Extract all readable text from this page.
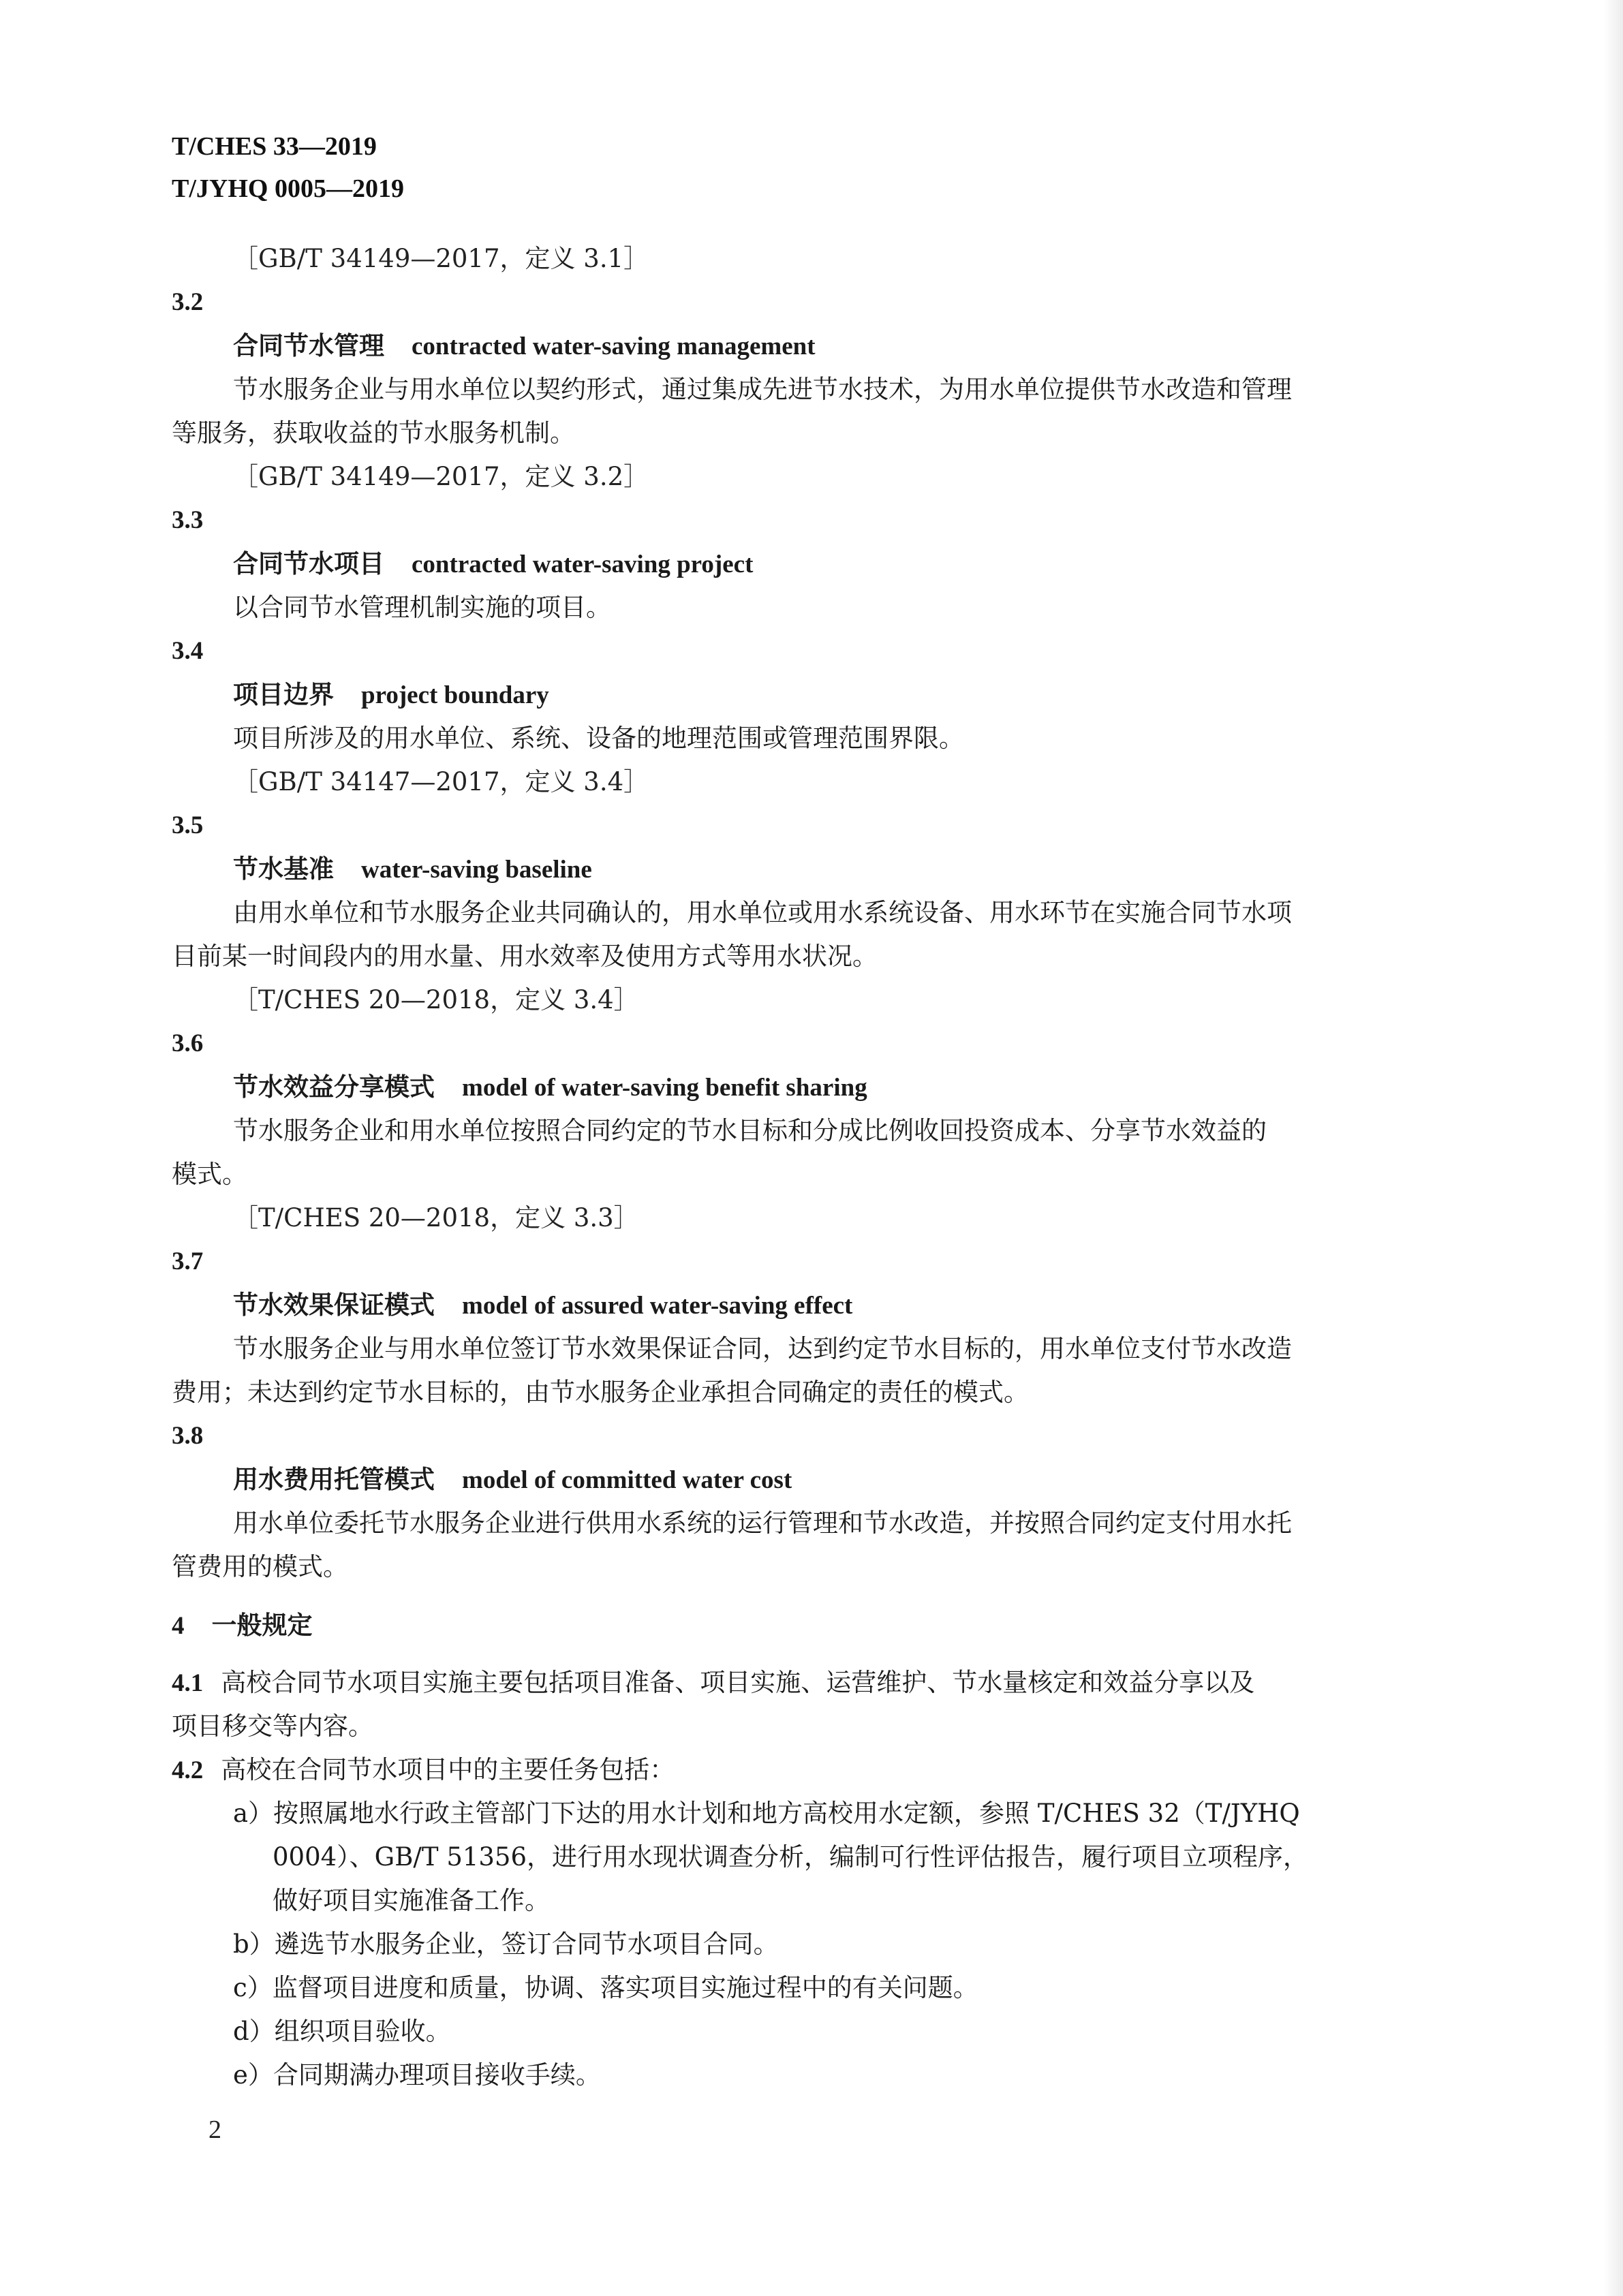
T/CHES 33—2019
T/JYHQ 0005—2019
［GB/T 34149—2017，定义 3.1］
3.2
合同节水管理 contracted water-saving management
节水服务企业与用水单位以契约形式，通过集成先进节水技术，为用水单位提供节水改造和管理
等服务，获取收益的节水服务机制。
［GB/T 34149—2017，定义 3.2］
3.3
合同节水项目 contracted water-saving project
以合同节水管理机制实施的项目。
3.4
项目边界 project boundary
项目所涉及的用水单位、系统、设备的地理范围或管理范围界限。
［GB/T 34147—2017，定义 3.4］
3.5
节水基准 water-saving baseline
由用水单位和节水服务企业共同确认的，用水单位或用水系统设备、用水环节在实施合同节水项
目前某一时间段内的用水量、用水效率及使用方式等用水状况。
［T/CHES 20—2018，定义 3.4］
3.6
节水效益分享模式 model of water-saving benefit sharing
节水服务企业和用水单位按照合同约定的节水目标和分成比例收回投资成本、分享节水效益的
模式。
［T/CHES 20—2018，定义 3.3］
3.7
节水效果保证模式 model of assured water-saving effect
节水服务企业与用水单位签订节水效果保证合同，达到约定节水目标的，用水单位支付节水改造
费用；未达到约定节水目标的，由节水服务企业承担合同确定的责任的模式。
3.8
用水费用托管模式 model of committed water cost
用水单位委托节水服务企业进行供用水系统的运行管理和节水改造，并按照合同约定支付用水托
管费用的模式。
4 一般规定
4.1 高校合同节水项目实施主要包括项目准备、项目实施、运营维护、节水量核定和效益分享以及
项目移交等内容。
4.2 高校在合同节水项目中的主要任务包括：
a）按照属地水行政主管部门下达的用水计划和地方高校用水定额，参照 T/CHES 32（T/JYHQ
0004）、GB/T 51356，进行用水现状调查分析，编制可行性评估报告，履行项目立项程序，
做好项目实施准备工作。
b）遴选节水服务企业，签订合同节水项目合同。
c）监督项目进度和质量，协调、落实项目实施过程中的有关问题。
d）组织项目验收。
e）合同期满办理项目接收手续。
2
